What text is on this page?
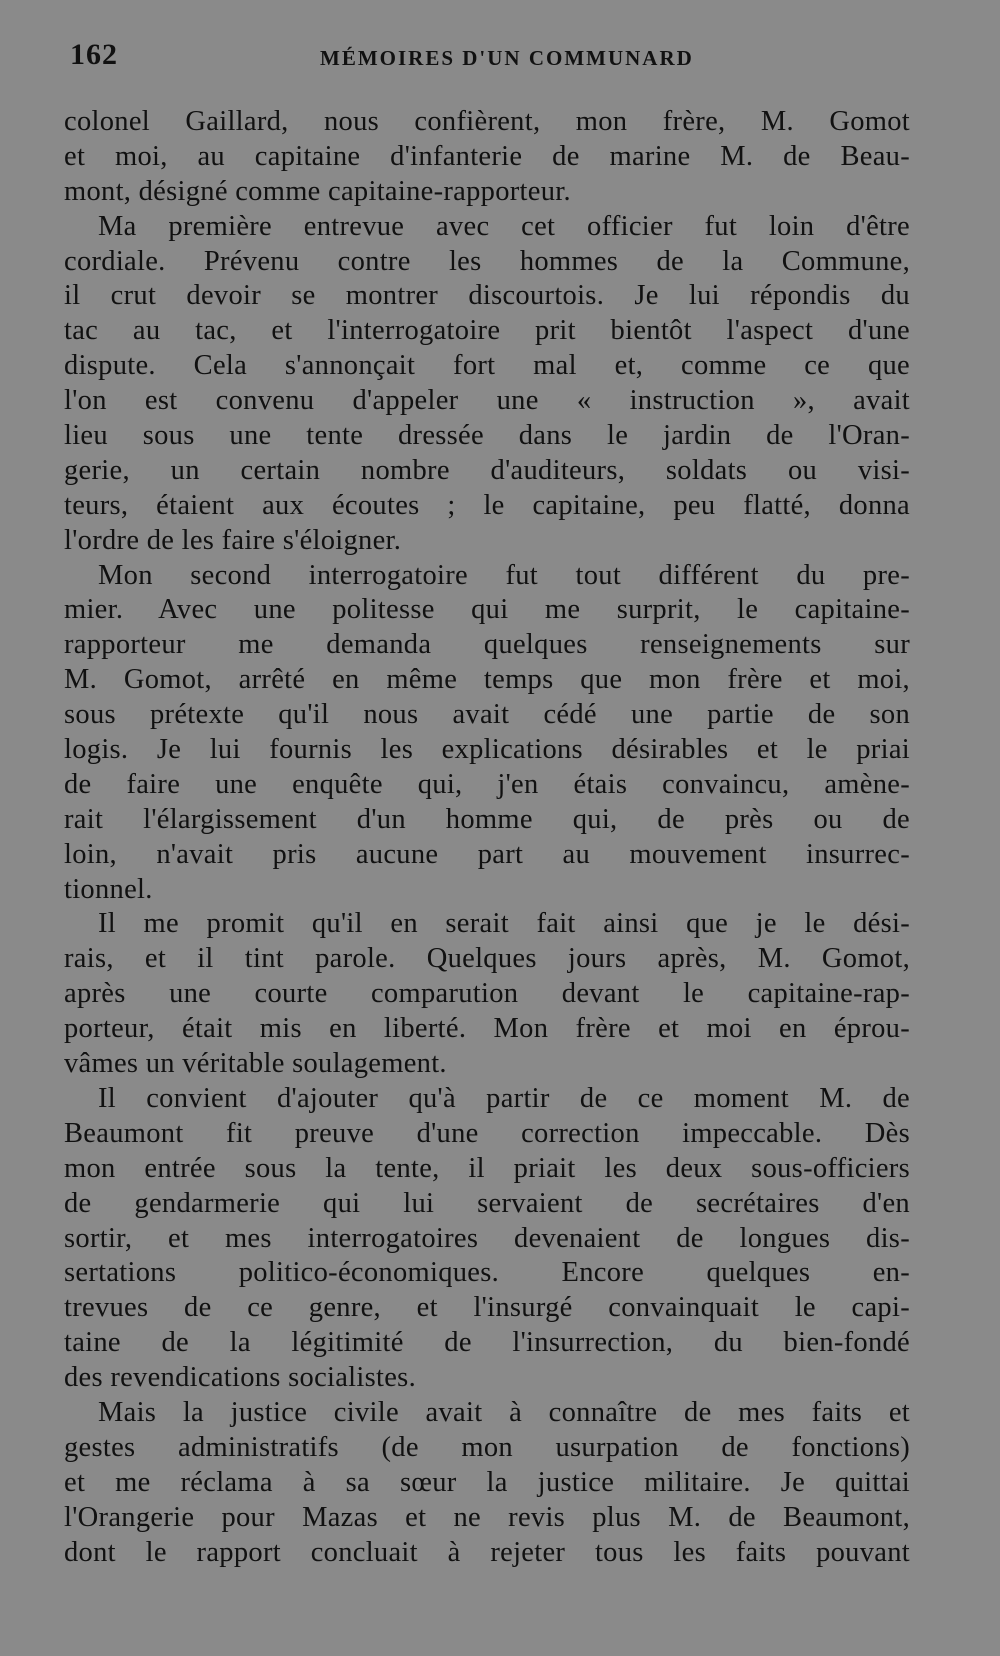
162	MÉMOIRES D'UN COMMUNARD
colonel Gaillard, nous confièrent, mon frère, M. Gomot
et moi, au capitaine d'infanterie de marine M. de Beau-
mont, désigné comme capitaine-rapporteur.
Ma première entrevue avec cet officier fut loin d'être
cordiale. Prévenu contre les hommes de la Commune,
il crut devoir se montrer discourtois. Je lui répondis du
tac au tac, et l'interrogatoire prit bientôt l'aspect d'une
dispute. Cela s'annonçait fort mal et, comme ce que
l'on est convenu d'appeler une « instruction », avait
lieu sous une tente dressée dans le jardin de l'Oran-
gerie, un certain nombre d'auditeurs, soldats ou visi-
teurs, étaient aux écoutes ; le capitaine, peu flatté, donna
l'ordre de les faire s'éloigner.
Mon second interrogatoire fut tout différent du pre-
mier. Avec une politesse qui me surprit, le capitaine-
rapporteur me demanda quelques renseignements sur
M. Gomot, arrêté en même temps que mon frère et moi,
sous prétexte qu'il nous avait cédé une partie de son
logis. Je lui fournis les explications désirables et le priai
de faire une enquête qui, j'en étais convaincu, amène-
rait l'élargissement d'un homme qui, de près ou de
loin, n'avait pris aucune part au mouvement insurrec-
tionnel.
Il me promit qu'il en serait fait ainsi que je le dési-
rais, et il tint parole. Quelques jours après, M. Gomot,
après une courte comparution devant le capitaine-rap-
porteur, était mis en liberté. Mon frère et moi en éprou-
vâmes un véritable soulagement.
Il convient d'ajouter qu'à partir de ce moment M. de
Beaumont fit preuve d'une correction impeccable. Dès
mon entrée sous la tente, il priait les deux sous-officiers
de gendarmerie qui lui servaient de secrétaires d'en
sortir, et mes interrogatoires devenaient de longues dis-
sertations politico-économiques. Encore quelques en-
trevues de ce genre, et l'insurgé convainquait le capi-
taine de la légitimité de l'insurrection, du bien-fondé
des revendications socialistes.
Mais la justice civile avait à connaître de mes faits et
gestes administratifs (de mon usurpation de fonctions)
et me réclama à sa sœur la justice militaire. Je quittai
l'Orangerie pour Mazas et ne revis plus M. de Beaumont,
dont le rapport concluait à rejeter tous les faits pouvant
